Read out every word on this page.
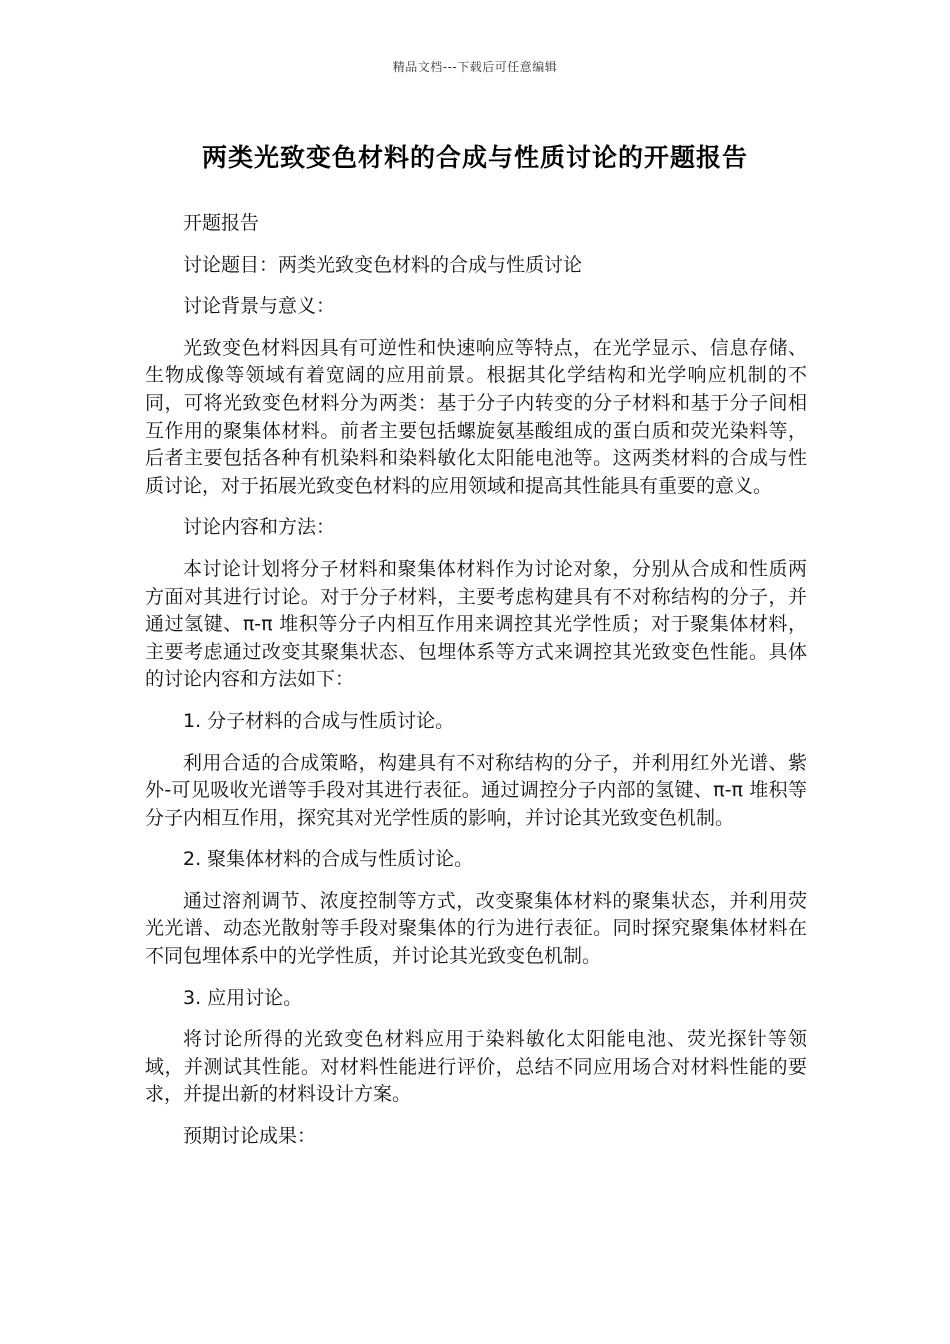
精品文档---下载后可任意编辑
两类光致变色材料的合成与性质讨论的开题报告

开题报告

讨论题目：两类光致变色材料的合成与性质讨论

讨论背景与意义：

光致变色材料因具有可逆性和快速响应等特点，在光学显示、信息存储、生物成像等领域有着宽阔的应用前景。根据其化学结构和光学响应机制的不同，可将光致变色材料分为两类：基于分子内转变的分子材料和基于分子间相互作用的聚集体材料。前者主要包括螺旋氨基酸组成的蛋白质和荧光染料等，后者主要包括各种有机染料和染料敏化太阳能电池等。这两类材料的合成与性质讨论，对于拓展光致变色材料的应用领域和提高其性能具有重要的意义。

讨论内容和方法：

本讨论计划将分子材料和聚集体材料作为讨论对象，分别从合成和性质两方面对其进行讨论。对于分子材料，主要考虑构建具有不对称结构的分子，并通过氢键、π-π 堆积等分子内相互作用来调控其光学性质；对于聚集体材料，主要考虑通过改变其聚集状态、包埋体系等方式来调控其光致变色性能。具体的讨论内容和方法如下：

1. 分子材料的合成与性质讨论。

利用合适的合成策略，构建具有不对称结构的分子，并利用红外光谱、紫外-可见吸收光谱等手段对其进行表征。通过调控分子内部的氢键、π-π 堆积等分子内相互作用，探究其对光学性质的影响，并讨论其光致变色机制。

2. 聚集体材料的合成与性质讨论。

通过溶剂调节、浓度控制等方式，改变聚集体材料的聚集状态，并利用荧光光谱、动态光散射等手段对聚集体的行为进行表征。同时探究聚集体材料在不同包埋体系中的光学性质，并讨论其光致变色机制。

3. 应用讨论。

将讨论所得的光致变色材料应用于染料敏化太阳能电池、荧光探针等领域，并测试其性能。对材料性能进行评价，总结不同应用场合对材料性能的要求，并提出新的材料设计方案。

预期讨论成果：
